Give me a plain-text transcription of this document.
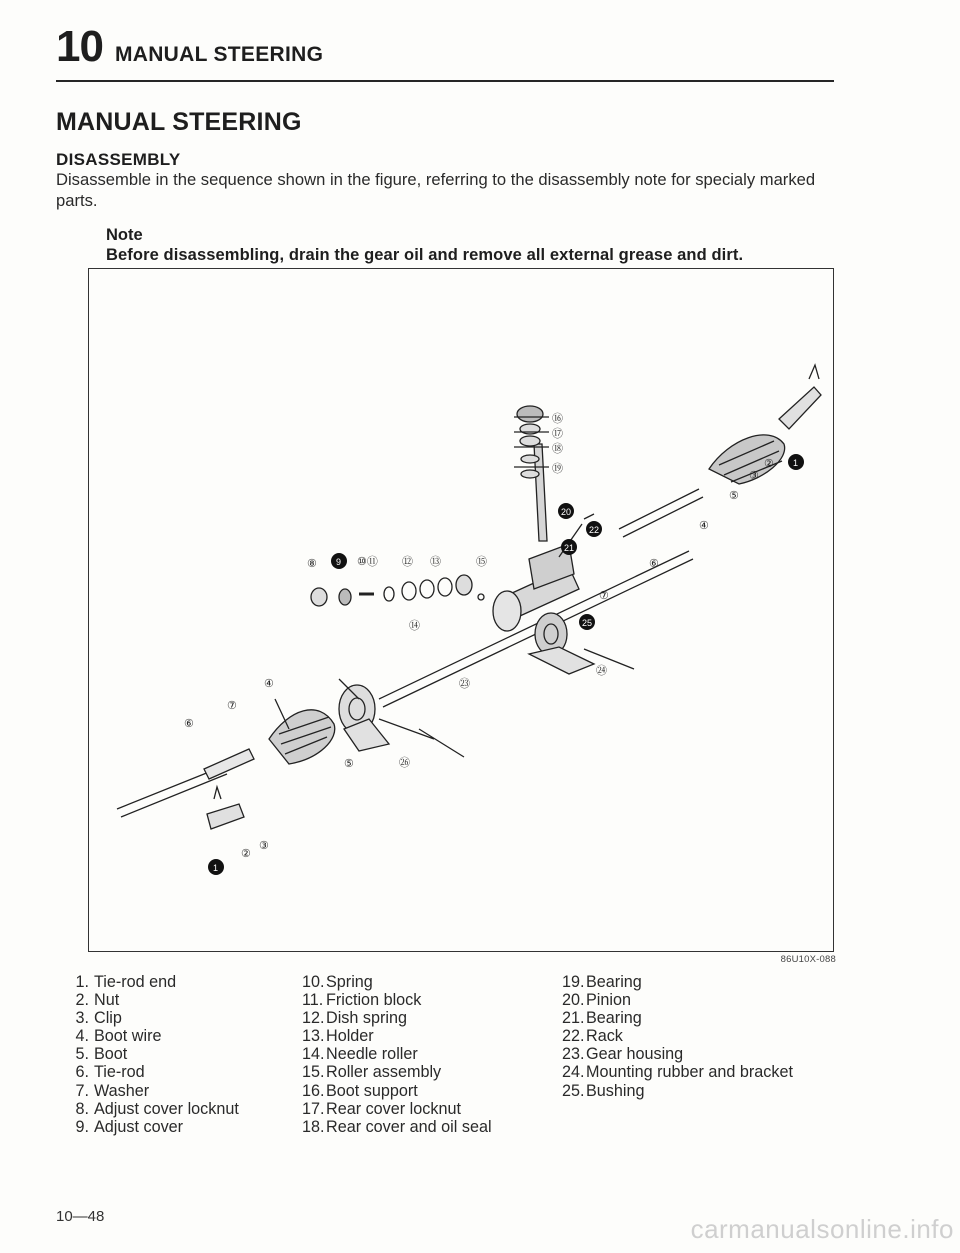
10 MANUAL STEERING
MANUAL STEERING
DISASSEMBLY

Disassemble in the sequence shown in the figure, referring to the disassembly note for specialy marked parts.

Note
Before disassembling, drain the gear oil and remove all external grease and dirt.
⑯
⑰
⑱
⑲
20
21
22
25
⑦
⑥
④
⑤
③
② 1
⑧ 9 ⑩⑪ ⑫ ⑬	⑮
⑭
㉓
④
⑦
⑥
⑤	㉖
㉔
②
③
1
86U10X-088
1. Tie-rod end
2. Nut
3. Clip
4. Boot wire
5. Boot
6. Tie-rod
7. Washer
8. Adjust cover locknut
9. Adjust cover
10.Spring
11. Friction block
12.Dish spring
13.Holder
14.Needle roller
15.Roller assembly
16.Boot support
17.Rear cover locknut
18.Rear cover and oil seal
19.Bearing
20.Pinion
21.Bearing
22.Rack
23.Gear housing
24.Mounting rubber and bracket
25.Bushing
10—48	carmanualsonline.info
